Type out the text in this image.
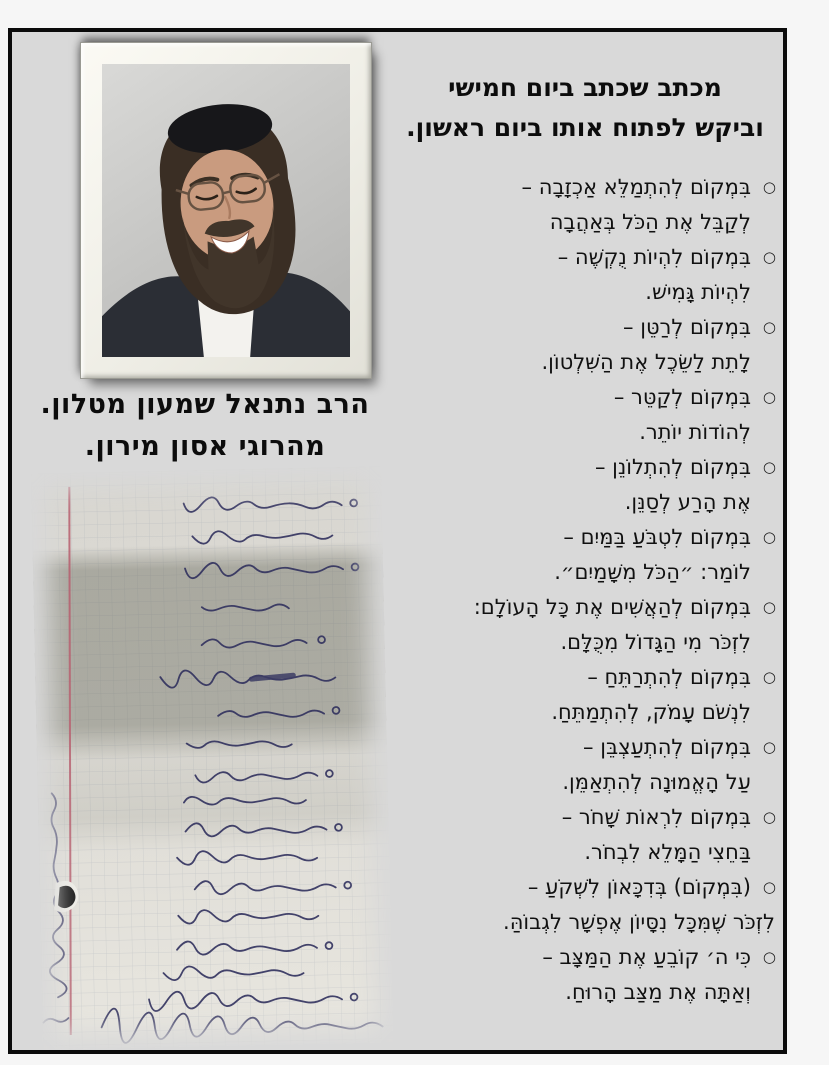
הרב נתנאל שמעון מטלון.
מהרוגי אסון מירון.
מכתב שכתב ביום חמישי
וביקש לפתוח אותו ביום ראשון.
○
בִּמְקוֹם לְהִתְמַלֵּא אַכְזָבָה –
לְקַבֵּל אֶת הַכֹּל בְּאַהֲבָה
○
בִּמְקוֹם לִהְיוֹת נֻקְשֶׁה –
לִהְיוֹת גָּמִישׁ.
○
בִּמְקוֹם לְרַטֵּן –
לָתֵת לַשֵּׂכֶל אֶת הַשִּׁלְטוֹן.
○
בִּמְקוֹם לְקַטֵּר –
לְהוֹדוֹת יוֹתֵר.
○
בִּמְקוֹם לְהִתְלוֹנֵן –
אֶת הָרַע לְסַנֵּן.
○
בִּמְקוֹם לִטְבֹּעַ בַּמַּיִם –
לוֹמַר: ״הַכֹּל מִשָּׁמַיִם״.
○
בִּמְקוֹם לְהַאֲשִׁים אֶת כָּל הָעוֹלָם:
לִזְכֹּר מִי הַגָּדוֹל מִכֻּלָּם.
○
בִּמְקוֹם לְהִתְרַתֵּחַ –
לִנְשֹׁם עָמֹק, לְהִתְמַתֵּחַ.
○
בִּמְקוֹם לְהִתְעַצְבֵּן –
עַל הָאֱמוּנָה לְהִתְאַמֵּן.
○
בִּמְקוֹם לִרְאוֹת שָׁחֹר –
בַּחֵצִי הַמָּלֵא לִבְחֹר.
○
(בִּמְקוֹם) בְּדִכָּאוֹן לִשְׁקֹעַ –
לִזְכֹּר שֶׁמִּכָּל נִסָּיוֹן אֶפְשָׁר לִגְבוֹהַּ.
○
כִּי ה׳ קוֹבֵעַ אֶת הַמַּצָּב –
וְאַתָּה אֶת מַצַּב הָרוּחַ.
